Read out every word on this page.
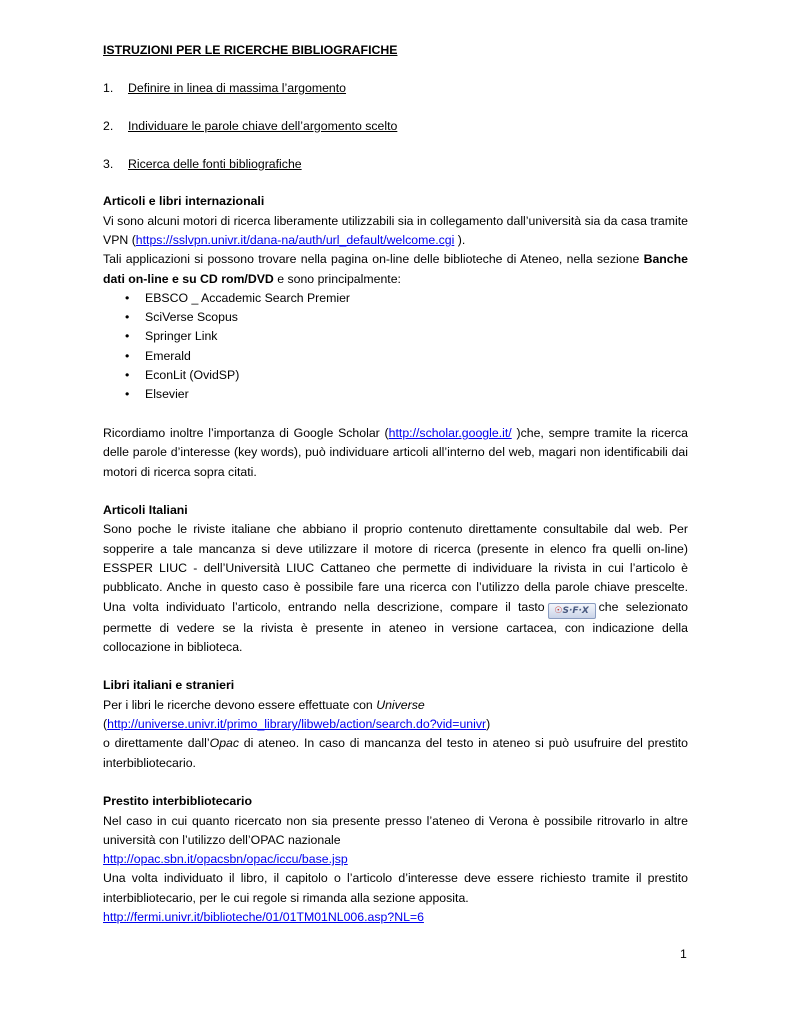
ISTRUZIONI PER LE RICERCHE BIBLIOGRAFICHE

1.	Definire in linea di massima l’argomento
2.	Individuare le parole chiave dell’argomento scelto
3.	Ricerca delle fonti bibliografiche

Articoli e libri internazionali

Vi sono alcuni motori di ricerca liberamente utilizzabili sia in collegamento dall’università sia da casa tramite VPN (https://sslvpn.univr.it/dana-na/auth/url_default/welcome.cgi ).

Tali applicazioni si possono trovare nella pagina on-line delle biblioteche di Ateneo, nella sezione Banche dati on-line e su CD rom/DVD e sono principalmente:

• EBSCO _ Accademic Search Premier
• SciVerse Scopus
• Springer Link
• Emerald
• EconLit (OvidSP)
• Elsevier

Ricordiamo inoltre l’importanza di Google Scholar (http://scholar.google.it/ )che, sempre tramite la ricerca delle parole d’interesse (key words), può individuare articoli all’interno del web, magari non identificabili dai motori di ricerca sopra citati.

Articoli Italiani

Sono poche le riviste italiane che abbiano il proprio contenuto direttamente consultabile dal web. Per sopperire a tale mancanza si deve utilizzare il motore di ricerca (presente in elenco fra quelli on-line) ESSPER LIUC - dell’Università LIUC Cattaneo che permette di individuare la rivista in cui l’articolo è pubblicato. Anche in questo caso è possibile fare una ricerca con l’utilizzo della parole chiave prescelte. Una volta individuato l’articolo, entrando nella descrizione, compare il tasto ☉S·F·X che selezionato permette di vedere se la rivista è presente in ateneo in versione cartacea, con indicazione della collocazione in biblioteca.

Libri italiani e stranieri

Per i libri le ricerche devono essere effettuate con Universe

(http://universe.univr.it/primo_library/libweb/action/search.do?vid=univr)

o direttamente dall’Opac di ateneo. In caso di mancanza del testo in ateneo si può usufruire del prestito interbibliotecario.

Prestito interbibliotecario

Nel caso in cui quanto ricercato non sia presente presso l’ateneo di Verona è possibile ritrovarlo in altre università con l’utilizzo dell’OPAC nazionale

http://opac.sbn.it/opacsbn/opac/iccu/base.jsp

Una volta individuato il libro, il capitolo o l’articolo d’interesse deve essere richiesto tramite il prestito interbibliotecario, per le cui regole si rimanda alla sezione apposita.

http://fermi.univr.it/biblioteche/01/01TM01NL006.asp?NL=6

1
